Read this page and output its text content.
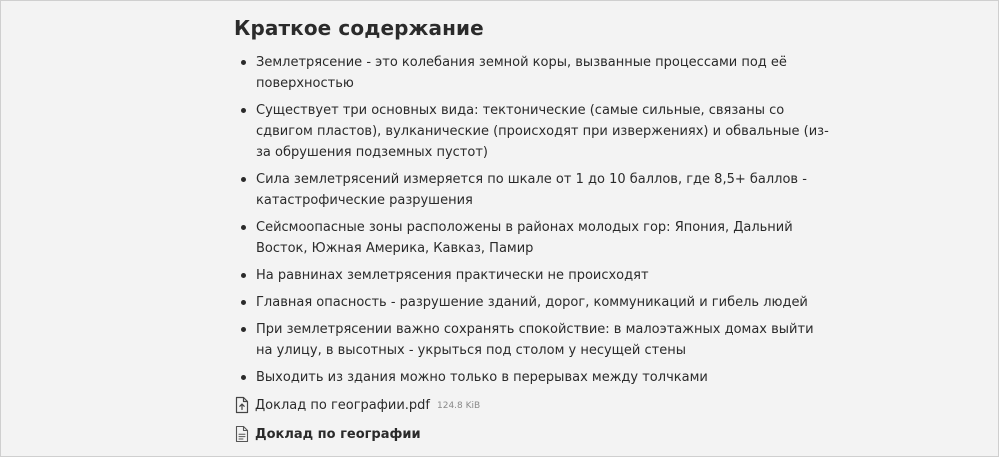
Краткое содержание
Землетрясение - это колебания земной коры, вызванные процессами под её поверхностью
Существует три основных вида: тектонические (самые сильные, связаны со сдвигом пластов), вулканические (происходят при извержениях) и обвальные (из-за обрушения подземных пустот)
Сила землетрясений измеряется по шкале от 1 до 10 баллов, где 8,5+ баллов - катастрофические разрушения
Сейсмоопасные зоны расположены в районах молодых гор: Япония, Дальний Восток, Южная Америка, Кавказ, Памир
На равнинах землетрясения практически не происходят
Главная опасность - разрушение зданий, дорог, коммуникаций и гибель людей
При землетрясении важно сохранять спокойствие: в малоэтажных домах выйти на улицу, в высотных - укрыться под столом у несущей стены
Выходить из здания можно только в перерывах между толчками
Доклад по географии.pdf 124.8 KiB
Доклад по географии
